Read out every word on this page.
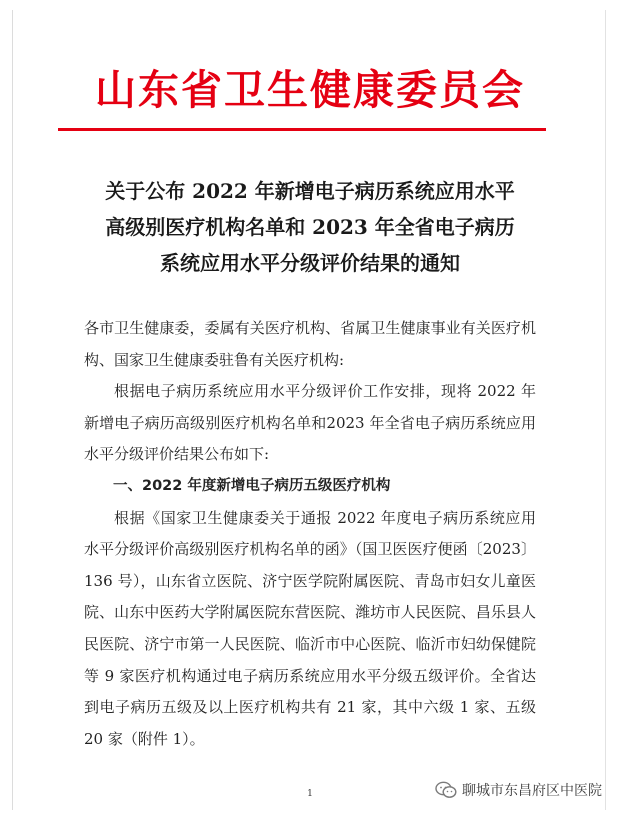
山东省卫生健康委员会
关于公布 2022 年新增电子病历系统应用水平
高级别医疗机构名单和 2023 年全省电子病历
系统应用水平分级评价结果的通知

各市卫生健康委，委属有关医疗机构、省属卫生健康事业有关医疗机构、国家卫生健康委驻鲁有关医疗机构:

根据电子病历系统应用水平分级评价工作安排，现将 2022 年新增电子病历高级别医疗机构名单和2023 年全省电子病历系统应用水平分级评价结果公布如下:

一、2022 年度新增电子病历五级医疗机构

根据《国家卫生健康委关于通报 2022 年度电子病历系统应用水平分级评价高级别医疗机构名单的函》（国卫医医疗便函〔2023〕136 号），山东省立医院、济宁医学院附属医院、青岛市妇女儿童医院、山东中医药大学附属医院东营医院、潍坊市人民医院、昌乐县人民医院、济宁市第一人民医院、临沂市中心医院、临沂市妇幼保健院等 9 家医疗机构通过电子病历系统应用水平分级五级评价。全省达到电子病历五级及以上医疗机构共有 21 家，其中六级 1 家、五级 20 家（附件 1）。

1	聊城市东昌府区中医院
